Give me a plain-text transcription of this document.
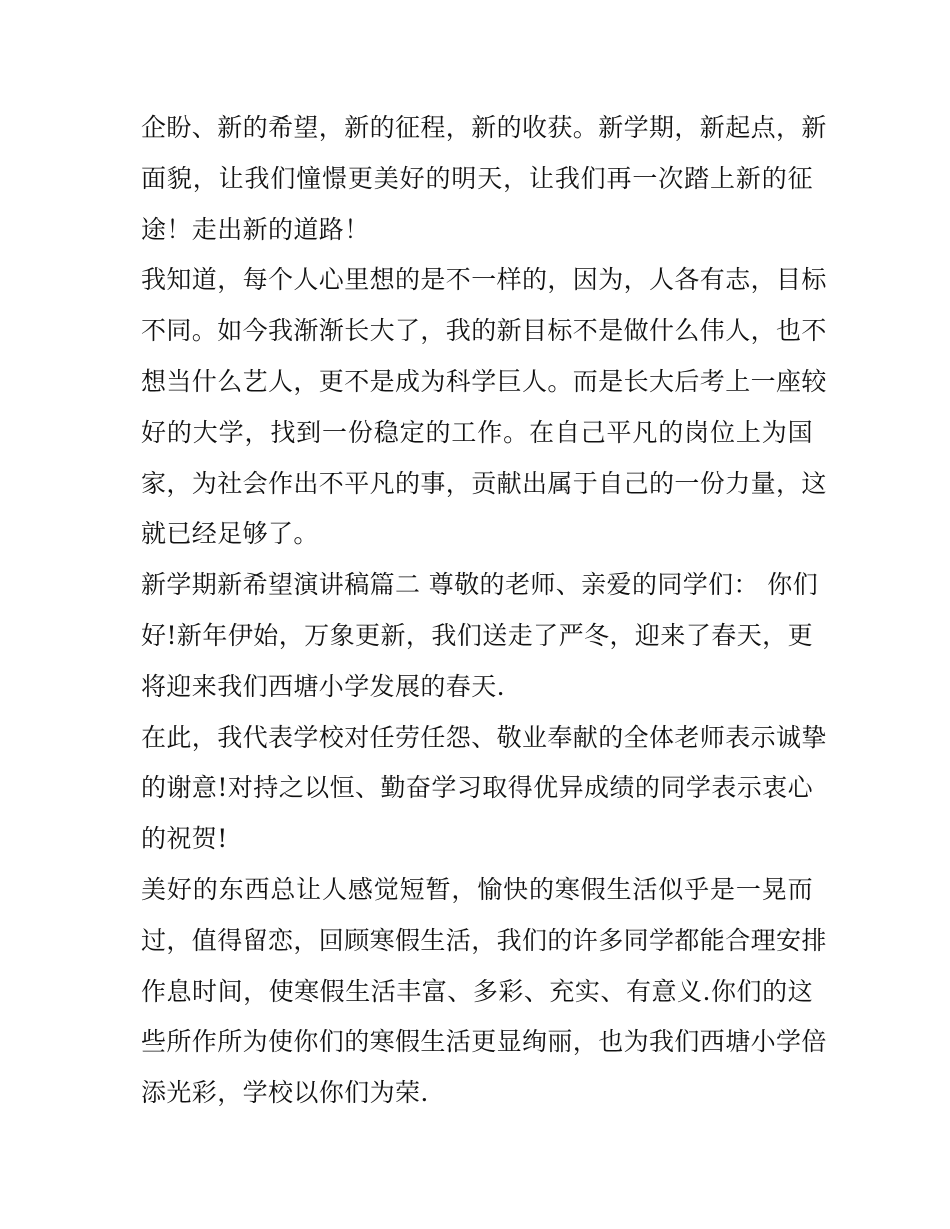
企盼、新的希望，新的征程，新的收获。新学期，新起点，新
面貌，让我们憧憬更美好的明天，让我们再一次踏上新的征
途！走出新的道路！

我知道，每个人心里想的是不一样的，因为，人各有志，目标
不同。如今我渐渐长大了，我的新目标不是做什么伟人，也不
想当什么艺人，更不是成为科学巨人。而是长大后考上一座较
好的大学，找到一份稳定的工作。在自己平凡的岗位上为国
家，为社会作出不平凡的事，贡献出属于自己的一份力量，这
就已经足够了。

新学期新希望演讲稿篇二 尊敬的老师、亲爱的同学们： 你们
好!新年伊始，万象更新，我们送走了严冬，迎来了春天，更
将迎来我们西塘小学发展的春天.

在此，我代表学校对任劳任怨、敬业奉献的全体老师表示诚挚
的谢意!对持之以恒、勤奋学习取得优异成绩的同学表示衷心
的祝贺!

美好的东西总让人感觉短暂，愉快的寒假生活似乎是一晃而
过，值得留恋，回顾寒假生活，我们的许多同学都能合理安排
作息时间，使寒假生活丰富、多彩、充实、有意义.你们的这
些所作所为使你们的寒假生活更显绚丽，也为我们西塘小学倍
添光彩，学校以你们为荣.
